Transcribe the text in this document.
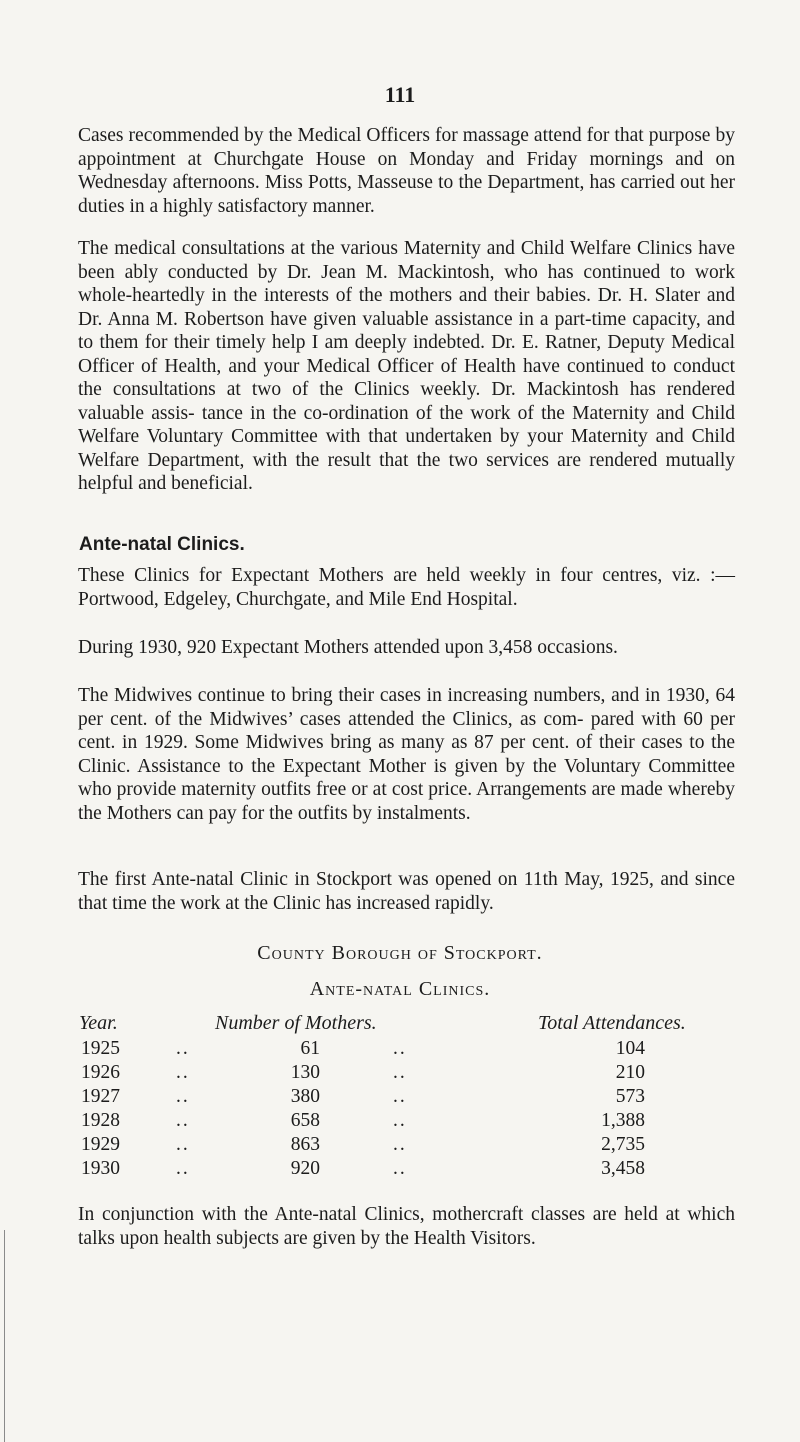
111

Cases recommended by the Medical Officers for massage attend for that purpose by appointment at Churchgate House on Monday and Friday mornings and on Wednesday afternoons. Miss Potts, Masseuse to the Department, has carried out her duties in a highly satisfactory manner.

The medical consultations at the various Maternity and Child Welfare Clinics have been ably conducted by Dr. Jean M. Mackintosh, who has continued to work whole-heartedly in the interests of the mothers and their babies. Dr. H. Slater and Dr. Anna M. Robertson have given valuable assistance in a part-time capacity, and to them for their timely help I am deeply indebted. Dr. E. Ratner, Deputy Medical Officer of Health, and your Medical Officer of Health have continued to conduct the consultations at two of the Clinics weekly. Dr. Mackintosh has rendered valuable assis- tance in the co-ordination of the work of the Maternity and Child Welfare Voluntary Committee with that undertaken by your Maternity and Child Welfare Department, with the result that the two services are rendered mutually helpful and beneficial.

Ante-natal Clinics.

These Clinics for Expectant Mothers are held weekly in four centres, viz. :— Portwood, Edgeley, Churchgate, and Mile End Hospital.

During 1930, 920 Expectant Mothers attended upon 3,458 occasions.

The Midwives continue to bring their cases in increasing numbers, and in 1930, 64 per cent. of the Midwives’ cases attended the Clinics, as com- pared with 60 per cent. in 1929. Some Midwives bring as many as 87 per cent. of their cases to the Clinic. Assistance to the Expectant Mother is given by the Voluntary Committee who provide maternity outfits free or at cost price. Arrangements are made whereby the Mothers can pay for the outfits by instalments.

The first Ante-natal Clinic in Stockport was opened on 11th May, 1925, and since that time the work at the Clinic has increased rapidly.

County Borough of Stockport.
Ante-natal Clinics.
Year.	Number of Mothers.	Total Attendances.
1925	..	61	..	104
1926	..	130	..	210
1927	..	380	..	573
1928	..	658	..	1,388
1929	..	863	..	2,735
1930	..	920	..	3,458

In conjunction with the Ante-natal Clinics, mothercraft classes are held at which talks upon health subjects are given by the Health Visitors.
